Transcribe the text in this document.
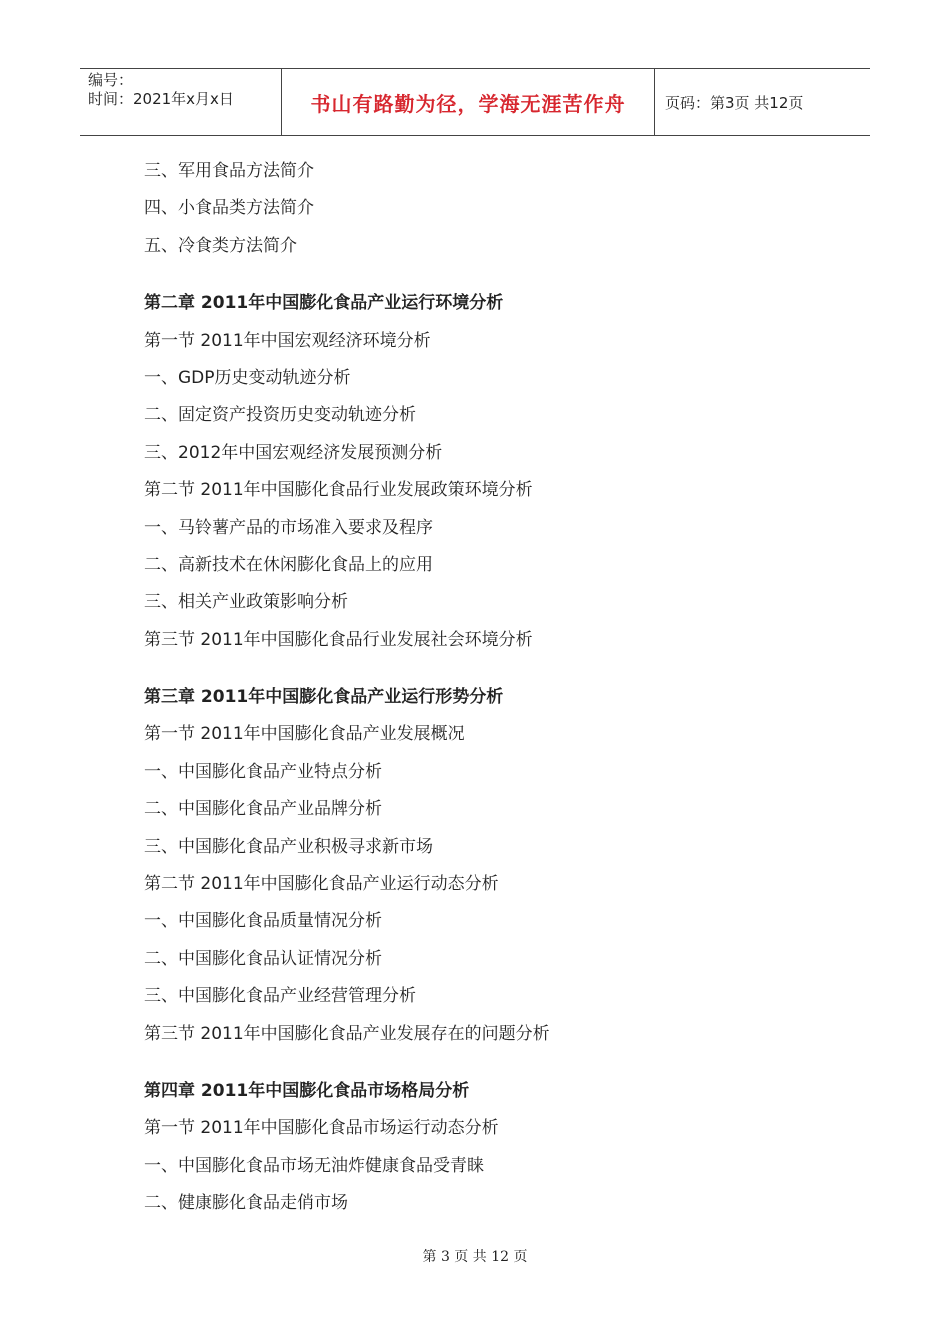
编号：
时间：2021年x月x日	书山有路勤为径，学海无涯苦作舟	页码：第3页 共12页
三、军用食品方法简介
四、小食品类方法简介
五、冷食类方法简介
第二章 2011年中国膨化食品产业运行环境分析
第一节 2011年中国宏观经济环境分析
一、GDP历史变动轨迹分析
二、固定资产投资历史变动轨迹分析
三、2012年中国宏观经济发展预测分析
第二节 2011年中国膨化食品行业发展政策环境分析
一、马铃薯产品的市场准入要求及程序
二、高新技术在休闲膨化食品上的应用
三、相关产业政策影响分析
第三节 2011年中国膨化食品行业发展社会环境分析
第三章 2011年中国膨化食品产业运行形势分析
第一节 2011年中国膨化食品产业发展概况
一、中国膨化食品产业特点分析
二、中国膨化食品产业品牌分析
三、中国膨化食品产业积极寻求新市场
第二节 2011年中国膨化食品产业运行动态分析
一、中国膨化食品质量情况分析
二、中国膨化食品认证情况分析
三、中国膨化食品产业经营管理分析
第三节 2011年中国膨化食品产业发展存在的问题分析
第四章 2011年中国膨化食品市场格局分析
第一节 2011年中国膨化食品市场运行动态分析
一、中国膨化食品市场无油炸健康食品受青睐
二、健康膨化食品走俏市场
第 3 页 共 12 页
